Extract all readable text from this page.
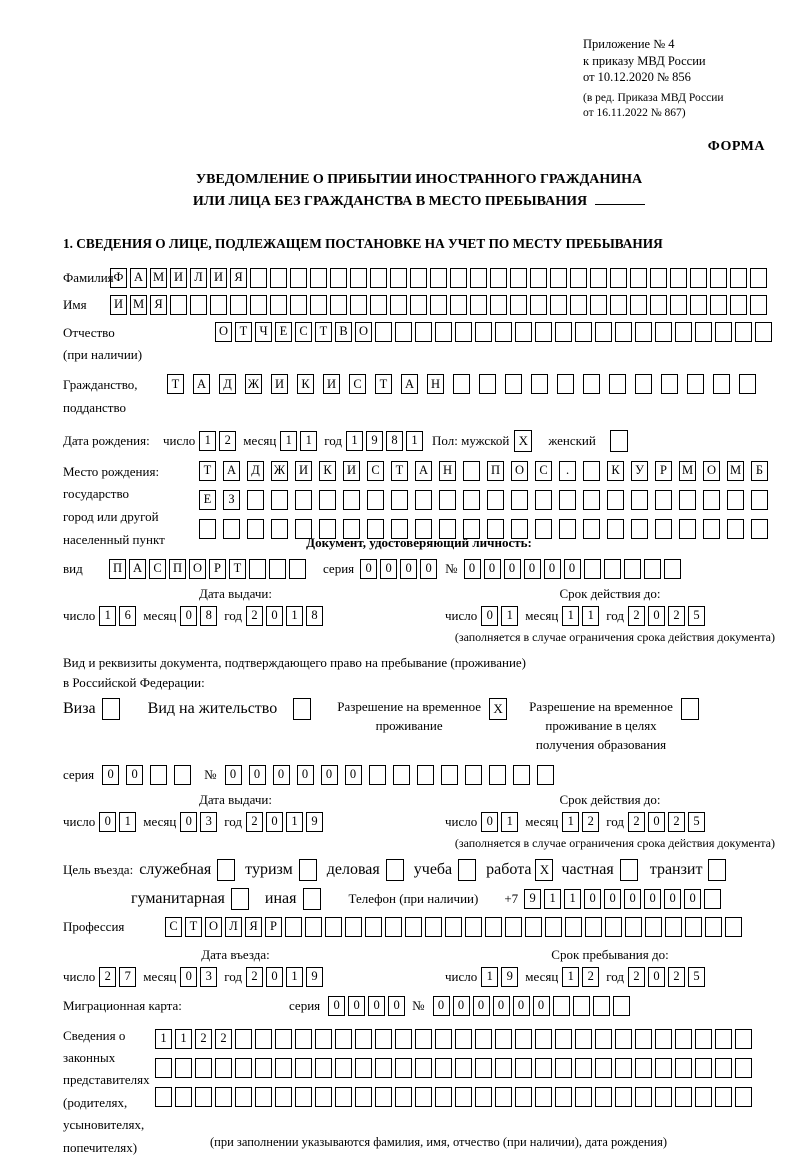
Приложение № 4
к приказу МВД России
от 10.12.2020 № 856
(в ред. Приказа МВД России
от 16.11.2022 № 867)
ФОРМА
УВЕДОМЛЕНИЕ О ПРИБЫТИИ ИНОСТРАННОГО ГРАЖДАНИНА
ИЛИ ЛИЦА БЕЗ ГРАЖДАНСТВА В МЕСТО ПРЕБЫВАНИЯ
1. СВЕДЕНИЯ О ЛИЦЕ, ПОДЛЕЖАЩЕМ ПОСТАНОВКЕ НА УЧЕТ ПО МЕСТУ ПРЕБЫВАНИЯ
Фамилия Ф А М И Л И Я
Имя	И М Я
Отчество
(при наличии)
О Т Ч Е С Т В О
Гражданство,
подданство
Т	А	Д	Ж	И	К	И	С	Т	А	Н
Дата рождения:	число 1	2 месяц 1	1 год 1	9	8	1	Пол: мужской X	женский
Место рождения:
государство
город или другой
населенный пункт
Т	А	Д	Ж	И	К	И	С	Т	А	Н	П	О	С	.	К	У	Р	М	О	М	Б
Е	З
Документ, удостоверяющий личность:
вид	П А С П О Р	Т	серия 0	0	0	0	№ 0	0	0	0	0	0
Дата выдачи:
число 1	6 месяц 0	8 год 2	0	1	8
Срок действия до:
число 0	1 месяц 1	1 год 2	0	2	5
(заполняется в случае ограничения срока действия документа)
Вид и реквизиты документа, подтверждающего право на пребывание (проживание)
в Российской Федерации:
Виза	Вид на жительство	Разрешение на временное
проживание
X	Разрешение на временное
проживание в целях
получения образования
серия	0	0	№	0	0	0	0	0	0
Дата выдачи:
число 0	1 месяц 0	3 год 2	0	1	9
Срок действия до:
число 0	1 месяц 1	2 год 2	0	2	5
(заполняется в случае ограничения срока действия документа)
Цель въезда: служебная туризм деловая учеба работа X частная транзит
гуманитарная	иная	Телефон (при наличии) +7 9	1	1	0	0	0	0	0	0
Профессия	С Т О Л Я Р
Дата въезда:
число 2	7 месяц 0	3 год 2	0	1	9
Срок пребывания до:
число 1	9 месяц 1	2 год 2	0	2	5
Миграционная карта:	серия	0	0	0	0 №	0	0	0	0	0	0
Сведения о
законных
представителях
(родителях,
усыновителях,
попечителях)
1	1	2	2
(при заполнении указываются фамилия, имя, отчество (при наличии), дата рождения)
